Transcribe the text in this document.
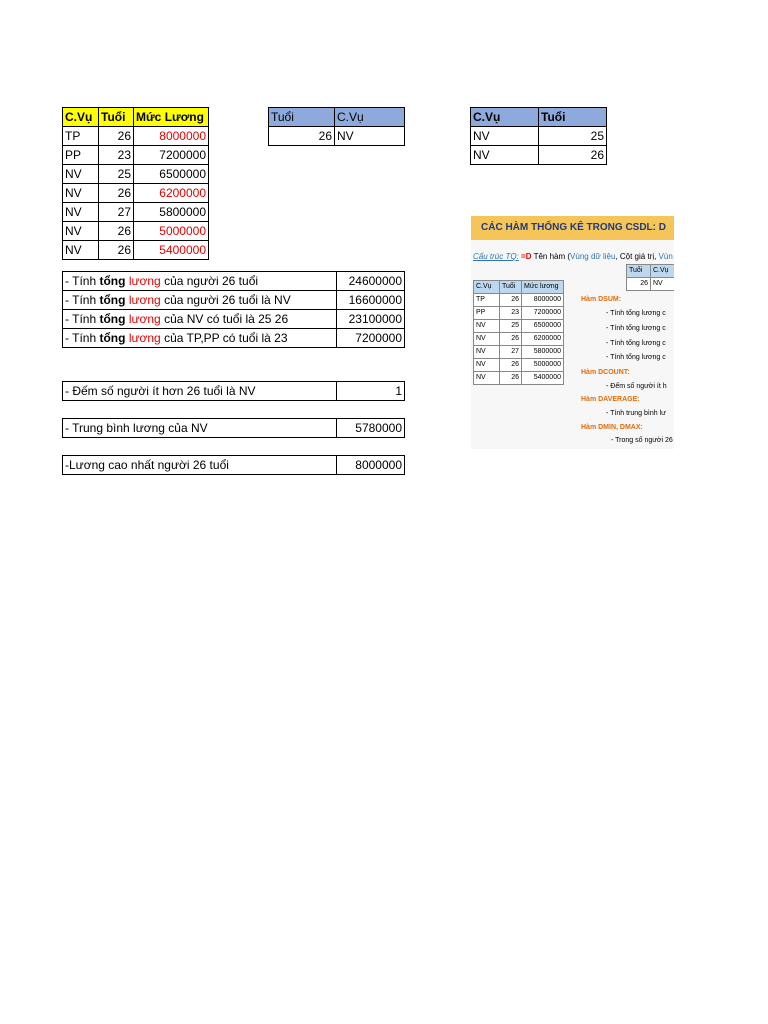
C.Vụ	Tuổi	Mức Lương
TP	26	8000000
PP	23	7200000
NV	25	6500000
NV	26	6200000
NV	27	5800000
NV	26	5000000
NV	26	5400000
Tuổi	C.Vụ
26	NV
C.Vụ	Tuổi
NV	25
NV	26
- Tính tổng lương của người 26 tuổi	24600000
- Tính tổng lương của người 26 tuổi là NV	16600000
- Tính tổng lương của NV có tuổi là 25 26	23100000
- Tính tổng lương của TP,PP có tuổi là 23	7200000
- Đếm số người ít hơn 26 tuổi là NV	1
- Trung bình lương của NV	5780000
-Lương cao nhất người 26 tuổi	8000000
CÁC HÀM THỐNG KÊ TRONG CSDL: D
Cấu trúc TQ: =D Tên hàm (Vùng dữ liệu, Cột giá trị, Vùn
Tuổi	C.Vụ
26	NV
C.Vụ	Tuổi	Mức lương
TP	26	8000000
PP	23	7200000
NV	25	6500000
NV	26	6200000
NV	27	5800000
NV	26	5000000
NV	26	5400000
Hàm DSUM:
- Tính tổng lương c
- Tính tổng lương c
- Tính tổng lương c
- Tính tổng lương c
Hàm DCOUNT:
- Đếm số người ít h
Hàm DAVERAGE:
- Tính trung bình lư
Hàm DMIN, DMAX:
- Trong số người 26
